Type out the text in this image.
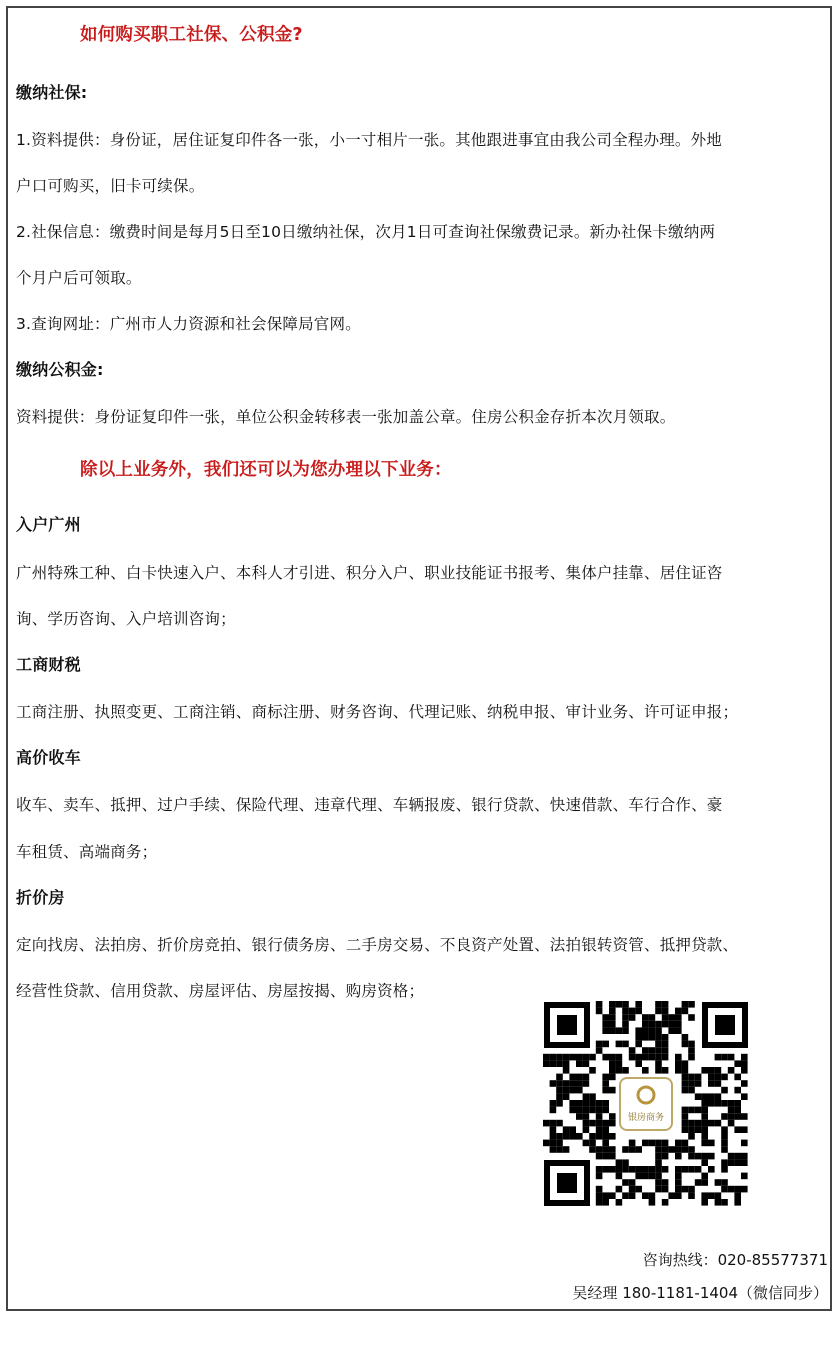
如何购买职工社保、公积金?
缴纳社保:
1.资料提供：身份证，居住证复印件各一张，小一寸相片一张。其他跟进事宜由我公司全程办理。外地
户口可购买，旧卡可续保。
2.社保信息：缴费时间是每月5日至10日缴纳社保，次月1日可查询社保缴费记录。新办社保卡缴纳两
个月户后可领取。
3.查询网址：广州市人力资源和社会保障局官网。
缴纳公积金:
资料提供：身份证复印件一张，单位公积金转移表一张加盖公章。住房公积金存折本次月领取。
除以上业务外，我们还可以为您办理以下业务：
入户广州
广州特殊工种、白卡快速入户、本科人才引进、积分入户、职业技能证书报考、集体户挂靠、居住证咨
询、学历咨询、入户培训咨询；
工商财税
工商注册、执照变更、工商注销、商标注册、财务咨询、代理记账、纳税申报、审计业务、许可证申报；
高价收车
收车、卖车、抵押、过户手续、保险代理、违章代理、车辆报废、银行贷款、快速借款、车行合作、豪
车租赁、高端商务；
折价房
定向找房、法拍房、折价房竞拍、银行债务房、二手房交易、不良资产处置、法拍银转资管、抵押贷款、
经营性贷款、信用贷款、房屋评估、房屋按揭、购房资格；
银房商务
咨询热线：020-85577371
吴经理 180-1181-1404（微信同步）
